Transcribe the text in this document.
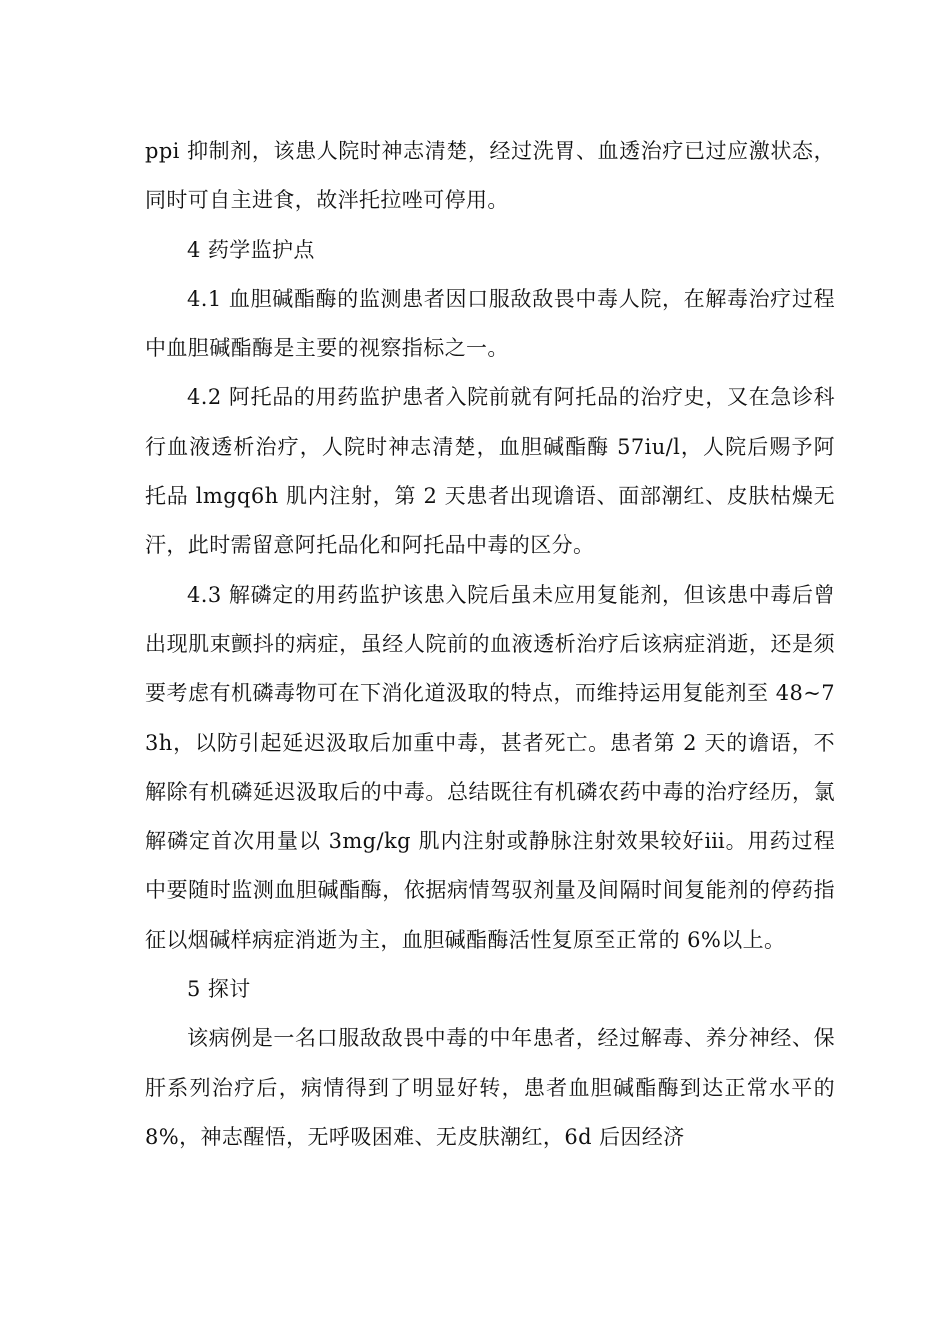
ppi 抑制剂，该患人院时神志清楚，经过洗胃、血透治疗已过应激状态，同时可自主进食，故泮托拉唑可停用。

4 药学监护点

4.1 血胆碱酯酶的监测患者因口服敌敌畏中毒人院，在解毒治疗过程中血胆碱酯酶是主要的视察指标之一。

4.2 阿托品的用药监护患者入院前就有阿托品的治疗史，又在急诊科行血液透析治疗，人院时神志清楚，血胆碱酯酶 57iu/l，人院后赐予阿托品 lmgq6h 肌内注射，第 2 天患者出现谵语、面部潮红、皮肤枯燥无汗，此时需留意阿托品化和阿托品中毒的区分。

4.3 解磷定的用药监护该患入院后虽未应用复能剂，但该患中毒后曾出现肌束颤抖的病症，虽经人院前的血液透析治疗后该病症消逝，还是须要考虑有机磷毒物可在下消化道汲取的特点，而维持运用复能剂至 48~73h，以防引起延迟汲取后加重中毒，甚者死亡。患者第 2 天的谵语，不解除有机磷延迟汲取后的中毒。总结既往有机磷农药中毒的治疗经历，氯解磷定首次用量以 3mg/kg 肌内注射或静脉注射效果较好ⅲ。用药过程中要随时监测血胆碱酯酶，依据病情驾驭剂量及间隔时间复能剂的停药指征以烟碱样病症消逝为主，血胆碱酯酶活性复原至正常的 6%以上。

5 探讨

该病例是一名口服敌敌畏中毒的中年患者，经过解毒、养分神经、保肝系列治疗后，病情得到了明显好转，患者血胆碱酯酶到达正常水平的 8%，神志醒悟，无呼吸困难、无皮肤潮红，6d 后因经济
